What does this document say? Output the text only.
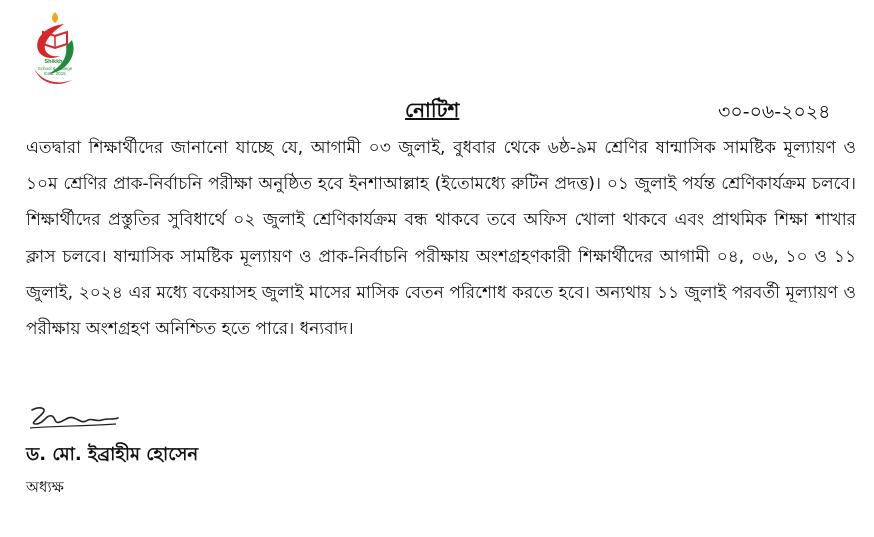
Shikkha
School & College
Estd: 2015
নোটিশ	৩০-০৬-২০২৪

এতদ্বারা শিক্ষার্থীদের জানানো যাচ্ছে যে, আগামী ০৩ জুলাই, বুধবার থেকে ৬ষ্ঠ-৯ম শ্রেণির ষান্মাসিক সামষ্টিক মূল্যায়ণ ও ১০ম শ্রেণির প্রাক-নির্বাচনি পরীক্ষা অনুষ্ঠিত হবে ইনশাআল্লাহ (ইতোমধ্যে রুটিন প্রদত্ত)। ০১ জুলাই পর্যন্ত শ্রেণিকার্যক্রম চলবে। শিক্ষার্থীদের প্রস্তুতির সুবিধার্থে ০২ জুলাই শ্রেণিকার্যক্রম বন্ধ থাকবে তবে অফিস খোলা থাকবে এবং প্রাথমিক শিক্ষা শাখার ক্লাস চলবে। ষান্মাসিক সামষ্টিক মূল্যায়ণ ও প্রাক-নির্বাচনি পরীক্ষায় অংশগ্রহণকারী শিক্ষার্থীদের আগামী ০৪, ০৬, ১০ ও ১১ জুলাই, ২০২৪ এর মধ্যে বকেয়াসহ জুলাই মাসের মাসিক বেতন পরিশোধ করতে হবে। অন্যথায় ১১ জুলাই পরবর্তী মূল্যায়ণ ও পরীক্ষায় অংশগ্রহণ অনিশ্চিত হতে পারে। ধন্যবাদ।

ড. মো. ইব্রাহীম হোসেন
অধ্যক্ষ
